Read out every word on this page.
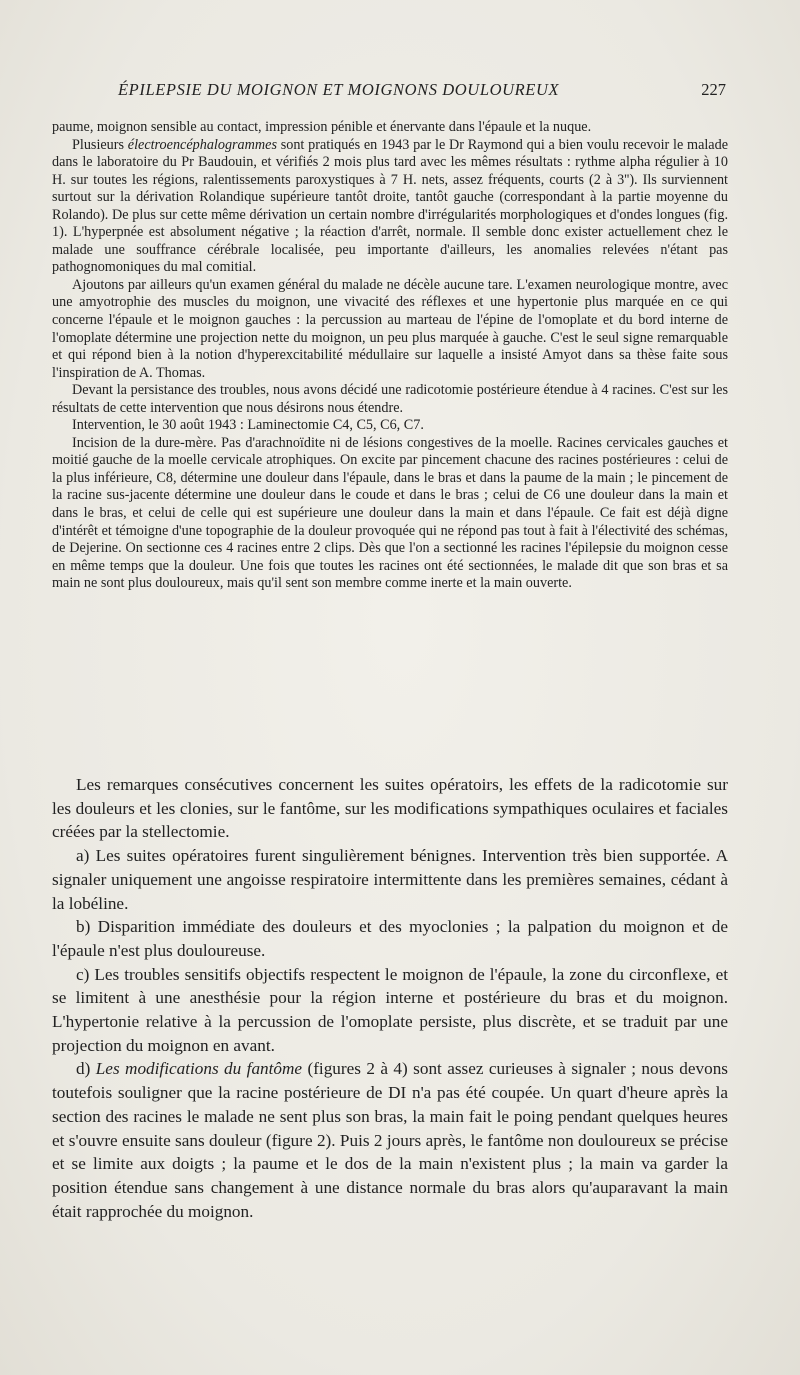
ÉPILEPSIE DU MOIGNON ET MOIGNONS DOULOUREUX	227

paume, moignon sensible au contact, impression pénible et énervante dans l'épaule et la nuque.

Plusieurs électroencéphalogrammes sont pratiqués en 1943 par le Dr Raymond qui a bien voulu recevoir le malade dans le laboratoire du Pr Baudouin, et vérifiés 2 mois plus tard avec les mêmes résultats : rythme alpha régulier à 10 H. sur toutes les régions, ralentissements paroxystiques à 7 H. nets, assez fréquents, courts (2 à 3''). Ils surviennent surtout sur la dérivation Rolandique supérieure tantôt droite, tantôt gauche (correspondant à la partie moyenne du Rolando). De plus sur cette même dérivation un certain nombre d'irrégularités morphologiques et d'ondes longues (fig. 1). L'hyperpnée est absolument négative ; la réaction d'arrêt, normale. Il semble donc exister actuellement chez le malade une souffrance cérébrale localisée, peu importante d'ailleurs, les anomalies relevées n'étant pas pathognomoniques du mal comitial.

Ajoutons par ailleurs qu'un examen général du malade ne décèle aucune tare. L'examen neurologique montre, avec une amyotrophie des muscles du moignon, une vivacité des réflexes et une hypertonie plus marquée en ce qui concerne l'épaule et le moignon gauches : la percussion au marteau de l'épine de l'omoplate et du bord interne de l'omoplate détermine une projection nette du moignon, un peu plus marquée à gauche. C'est le seul signe remarquable et qui répond bien à la notion d'hyperexcitabilité médullaire sur laquelle a insisté Amyot dans sa thèse faite sous l'inspiration de A. Thomas.

Devant la persistance des troubles, nous avons décidé une radicotomie postérieure étendue à 4 racines. C'est sur les résultats de cette intervention que nous désirons nous étendre.

Intervention, le 30 août 1943 : Laminectomie C4, C5, C6, C7.

Incision de la dure-mère. Pas d'arachnoïdite ni de lésions congestives de la moelle. Racines cervicales gauches et moitié gauche de la moelle cervicale atrophiques. On excite par pincement chacune des racines postérieures : celui de la plus inférieure, C8, détermine une douleur dans l'épaule, dans le bras et dans la paume de la main ; le pincement de la racine sus-jacente détermine une douleur dans le coude et dans le bras ; celui de C6 une douleur dans la main et dans le bras, et celui de celle qui est supérieure une douleur dans la main et dans l'épaule. Ce fait est déjà digne d'intérêt et témoigne d'une topographie de la douleur provoquée qui ne répond pas tout à fait à l'électivité des schémas, de Dejerine. On sectionne ces 4 racines entre 2 clips. Dès que l'on a sectionné les racines l'épilepsie du moignon cesse en même temps que la douleur. Une fois que toutes les racines ont été sectionnées, le malade dit que son bras et sa main ne sont plus douloureux, mais qu'il sent son membre comme inerte et la main ouverte.

Les remarques consécutives concernent les suites opératoirs, les effets de la radicotomie sur les douleurs et les clonies, sur le fantôme, sur les modifications sympathiques oculaires et faciales créées par la stellectomie.

a) Les suites opératoires furent singulièrement bénignes. Intervention très bien supportée. A signaler uniquement une angoisse respiratoire intermittente dans les premières semaines, cédant à la lobéline.

b) Disparition immédiate des douleurs et des myoclonies ; la palpation du moignon et de l'épaule n'est plus douloureuse.

c) Les troubles sensitifs objectifs respectent le moignon de l'épaule, la zone du circonflexe, et se limitent à une anesthésie pour la région interne et postérieure du bras et du moignon. L'hypertonie relative à la percussion de l'omoplate persiste, plus discrète, et se traduit par une projection du moignon en avant.

d) Les modifications du fantôme (figures 2 à 4) sont assez curieuses à signaler ; nous devons toutefois souligner que la racine postérieure de DI n'a pas été coupée. Un quart d'heure après la section des racines le malade ne sent plus son bras, la main fait le poing pendant quelques heures et s'ouvre ensuite sans douleur (figure 2). Puis 2 jours après, le fantôme non douloureux se précise et se limite aux doigts ; la paume et le dos de la main n'existent plus ; la main va garder la position étendue sans changement à une distance normale du bras alors qu'auparavant la main était rapprochée du moignon.
